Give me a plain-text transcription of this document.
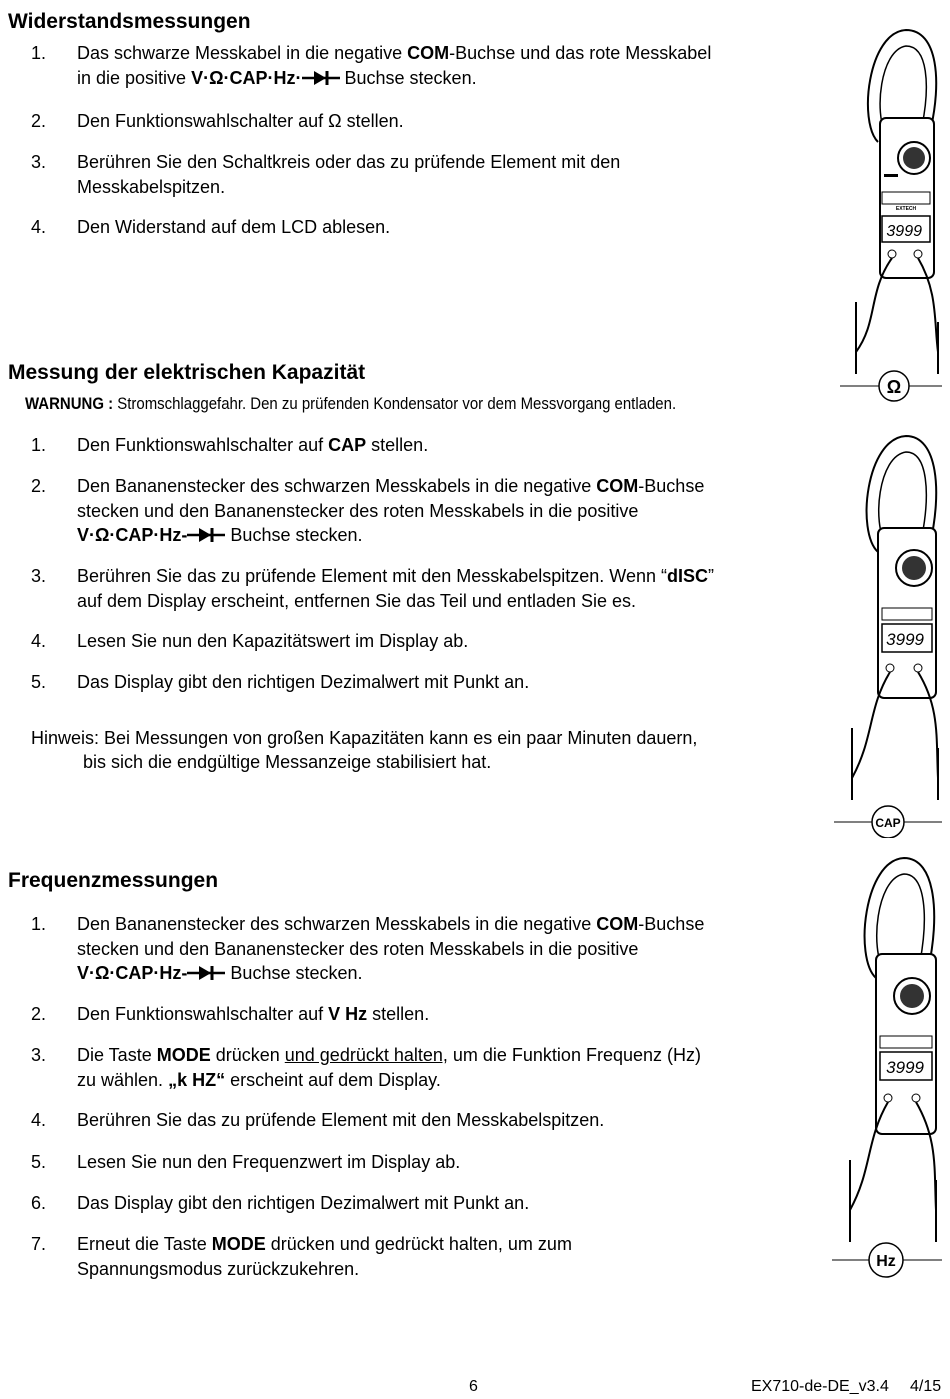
Widerstandsmessungen
1. Das schwarze Messkabel in die negative COM-Buchse und das rote Messkabel
in die positive V·Ω·CAP·Hz· Buchse stecken.
2. Den Funktionswahlschalter auf Ω stellen.
3. Berühren Sie den Schaltkreis oder das zu prüfende Element mit den Messkabelspitzen.
4. Den Widerstand auf dem LCD ablesen.
Messung der elektrischen Kapazität
WARNUNG : Stromschlaggefahr. Den zu prüfenden Kondensator vor dem Messvorgang entladen.
1. Den Funktionswahlschalter auf CAP stellen.
2. Den Bananenstecker des schwarzen Messkabels in die negative COM-Buchse
stecken und den Bananenstecker des roten Messkabels in die positive
V·Ω·CAP·Hz- Buchse stecken.
3. Berühren Sie das zu prüfende Element mit den Messkabelspitzen. Wenn “dISC”
auf dem Display erscheint, entfernen Sie das Teil und entladen Sie es.
4. Lesen Sie nun den Kapazitätswert im Display ab.
5. Das Display gibt den richtigen Dezimalwert mit Punkt an.
Hinweis: Bei Messungen von großen Kapazitäten kann es ein paar Minuten dauern,

bis sich die endgültige Messanzeige stabilisiert hat.
Frequenzmessungen
1. Den Bananenstecker des schwarzen Messkabels in die negative COM-Buchse
stecken und den Bananenstecker des roten Messkabels in die positive
V·Ω·CAP·Hz- Buchse stecken.
2. Den Funktionswahlschalter auf V Hz stellen.
3. Die Taste MODE drücken und gedrückt halten, um die Funktion Frequenz (Hz)
zu wählen. „k HZ“ erscheint auf dem Display.
4. Berühren Sie das zu prüfende Element mit den Messkabelspitzen.
5. Lesen Sie nun den Frequenzwert im Display ab.
6. Das Display gibt den richtigen Dezimalwert mit Punkt an.
7. Erneut die Taste MODE drücken und gedrückt halten, um zum
Spannungsmodus zurückzukehren.
EXTECH
3999
Ω
3999
CAP
3999
Hz
6	EX710-de-DE_v3.4 4/15
